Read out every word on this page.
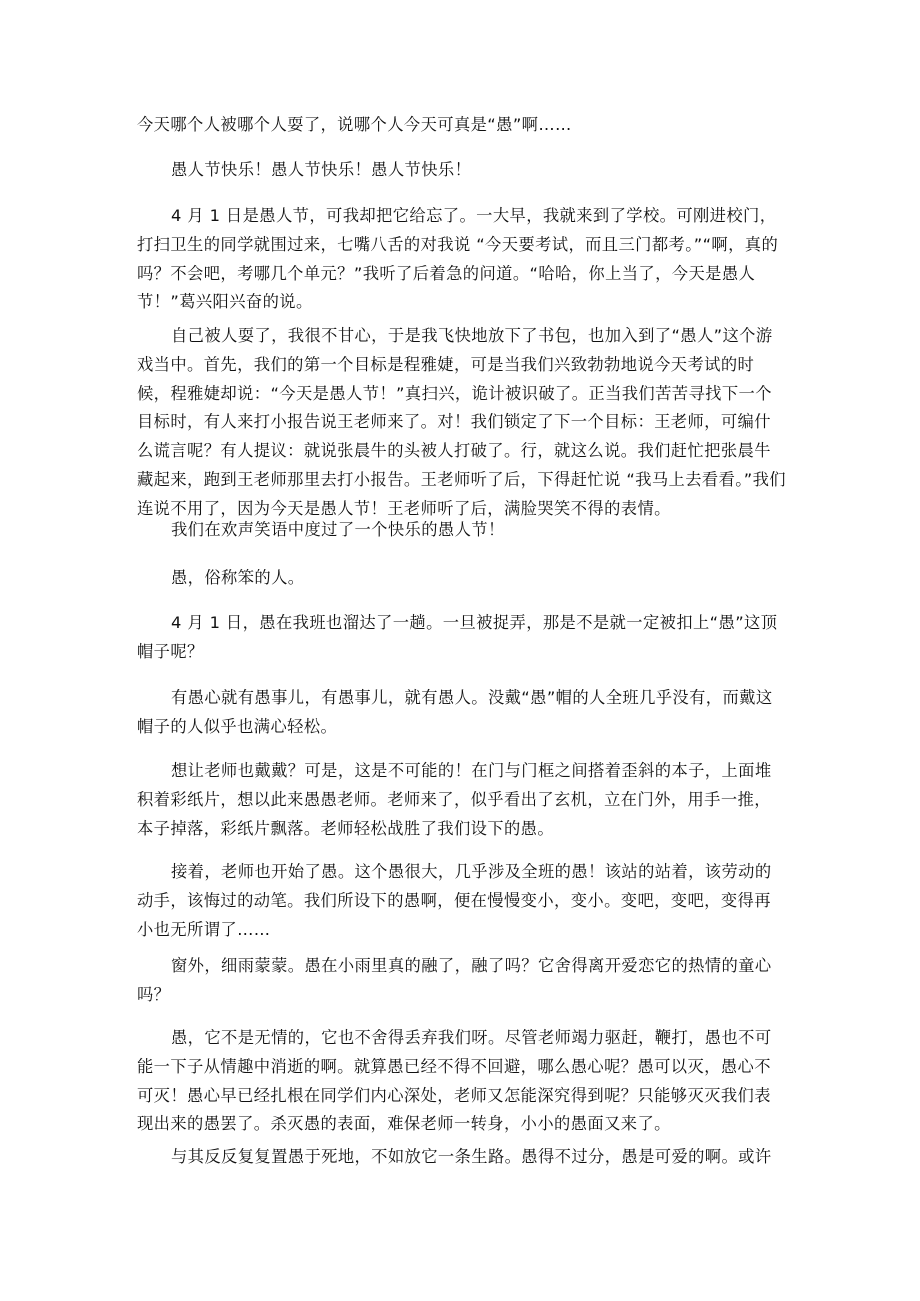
今天哪个人被哪个人耍了，说哪个人今天可真是“愚”啊……

愚人节快乐！愚人节快乐！愚人节快乐！

4 月 1 日是愚人节，可我却把它给忘了。一大早，我就来到了学校。可刚进校门，打扫卫生的同学就围过来，七嘴八舌的对我说 “今天要考试，而且三门都考。”“啊，真的吗？不会吧，考哪几个单元？”我听了后着急的问道。“哈哈，你上当了，今天是愚人节！”葛兴阳兴奋的说。

自己被人耍了，我很不甘心，于是我飞快地放下了书包，也加入到了“愚人”这个游戏当中。首先，我们的第一个目标是程雅婕，可是当我们兴致勃勃地说今天考试的时候，程雅婕却说：“今天是愚人节！”真扫兴，诡计被识破了。正当我们苦苦寻找下一个目标时，有人来打小报告说王老师来了。对！我们锁定了下一个目标：王老师，可编什么谎言呢？有人提议：就说张晨牛的头被人打破了。行，就这么说。我们赶忙把张晨牛藏起来，跑到王老师那里去打小报告。王老师听了后，下得赶忙说 “我马上去看看。”我们连说不用了，因为今天是愚人节！王老师听了后，满脸哭笑不得的表情。

我们在欢声笑语中度过了一个快乐的愚人节！

愚，俗称笨的人。

4 月 1 日，愚在我班也溜达了一趟。一旦被捉弄，那是不是就一定被扣上“愚”这顶帽子呢？

有愚心就有愚事儿，有愚事儿，就有愚人。没戴“愚”帽的人全班几乎没有，而戴这帽子的人似乎也满心轻松。

想让老师也戴戴？可是，这是不可能的！在门与门框之间搭着歪斜的本子，上面堆积着彩纸片，想以此来愚愚老师。老师来了，似乎看出了玄机，立在门外，用手一推，本子掉落，彩纸片飘落。老师轻松战胜了我们设下的愚。

接着，老师也开始了愚。这个愚很大，几乎涉及全班的愚！该站的站着，该劳动的动手，该悔过的动笔。我们所设下的愚啊，便在慢慢变小，变小。变吧，变吧，变得再小也无所谓了……

窗外，细雨蒙蒙。愚在小雨里真的融了，融了吗？它舍得离开爱恋它的热情的童心吗？

愚，它不是无情的，它也不舍得丢弃我们呀。尽管老师竭力驱赶，鞭打，愚也不可能一下子从情趣中消逝的啊。就算愚已经不得不回避，哪么愚心呢？愚可以灭，愚心不可灭！愚心早已经扎根在同学们内心深处，老师又怎能深究得到呢？只能够灭灭我们表现出来的愚罢了。杀灭愚的表面，难保老师一转身，小小的愚面又来了。

与其反反复复置愚于死地，不如放它一条生路。愚得不过分，愚是可爱的啊。或许
